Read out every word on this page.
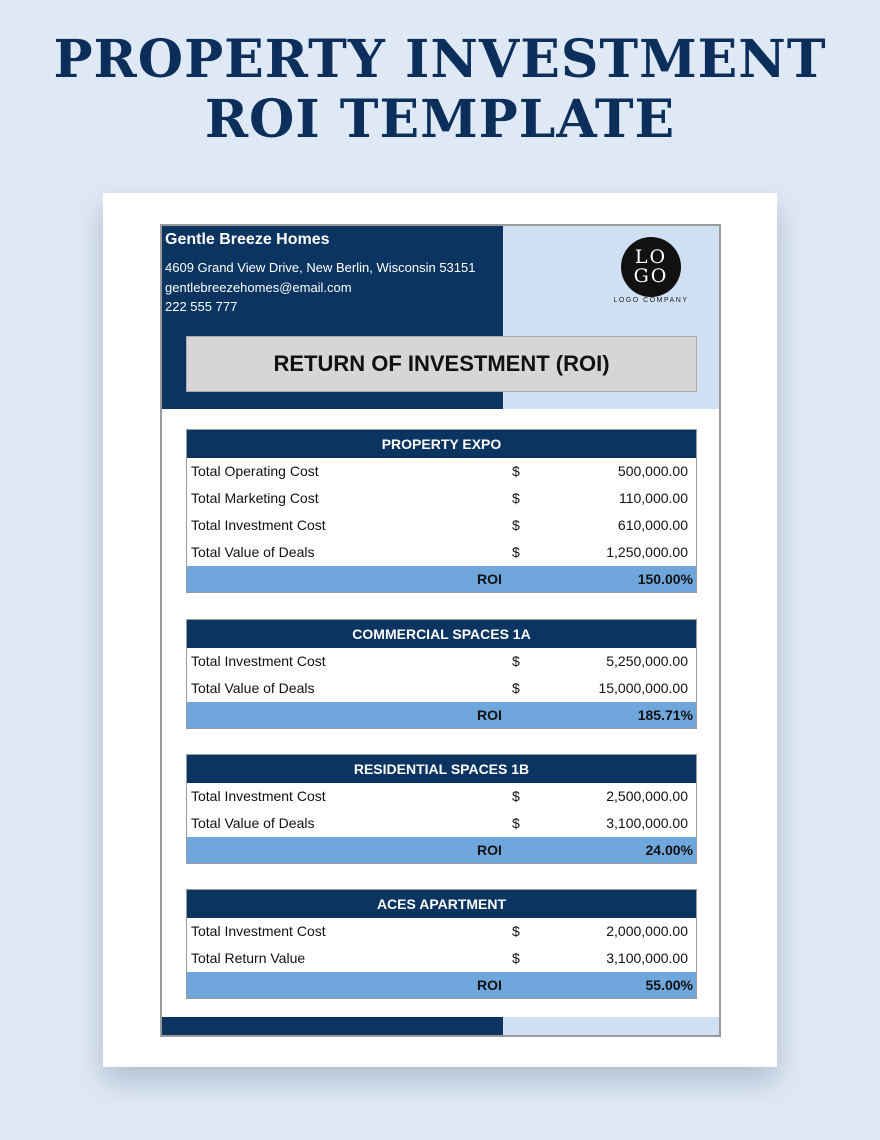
PROPERTY INVESTMENT
ROI TEMPLATE
Gentle Breeze Homes
4609 Grand View Drive, New Berlin, Wisconsin 53151
gentlebreezehomes@email.com
222 555 777
LO
GO
LOGO COMPANY
RETURN OF INVESTMENT (ROI)
PROPERTY EXPO
Total Operating Cost	$	500,000.00
Total Marketing Cost	$	110,000.00
Total Investment Cost	$	610,000.00
Total Value of Deals	$	1,250,000.00
ROI	150.00%
COMMERCIAL SPACES 1A
Total Investment Cost	$	5,250,000.00
Total Value of Deals	$	15,000,000.00
ROI	185.71%
RESIDENTIAL SPACES 1B
Total Investment Cost	$	2,500,000.00
Total Value of Deals	$	3,100,000.00
ROI	24.00%
ACES APARTMENT
Total Investment Cost	$	2,000,000.00
Total Return Value	$	3,100,000.00
ROI	55.00%
